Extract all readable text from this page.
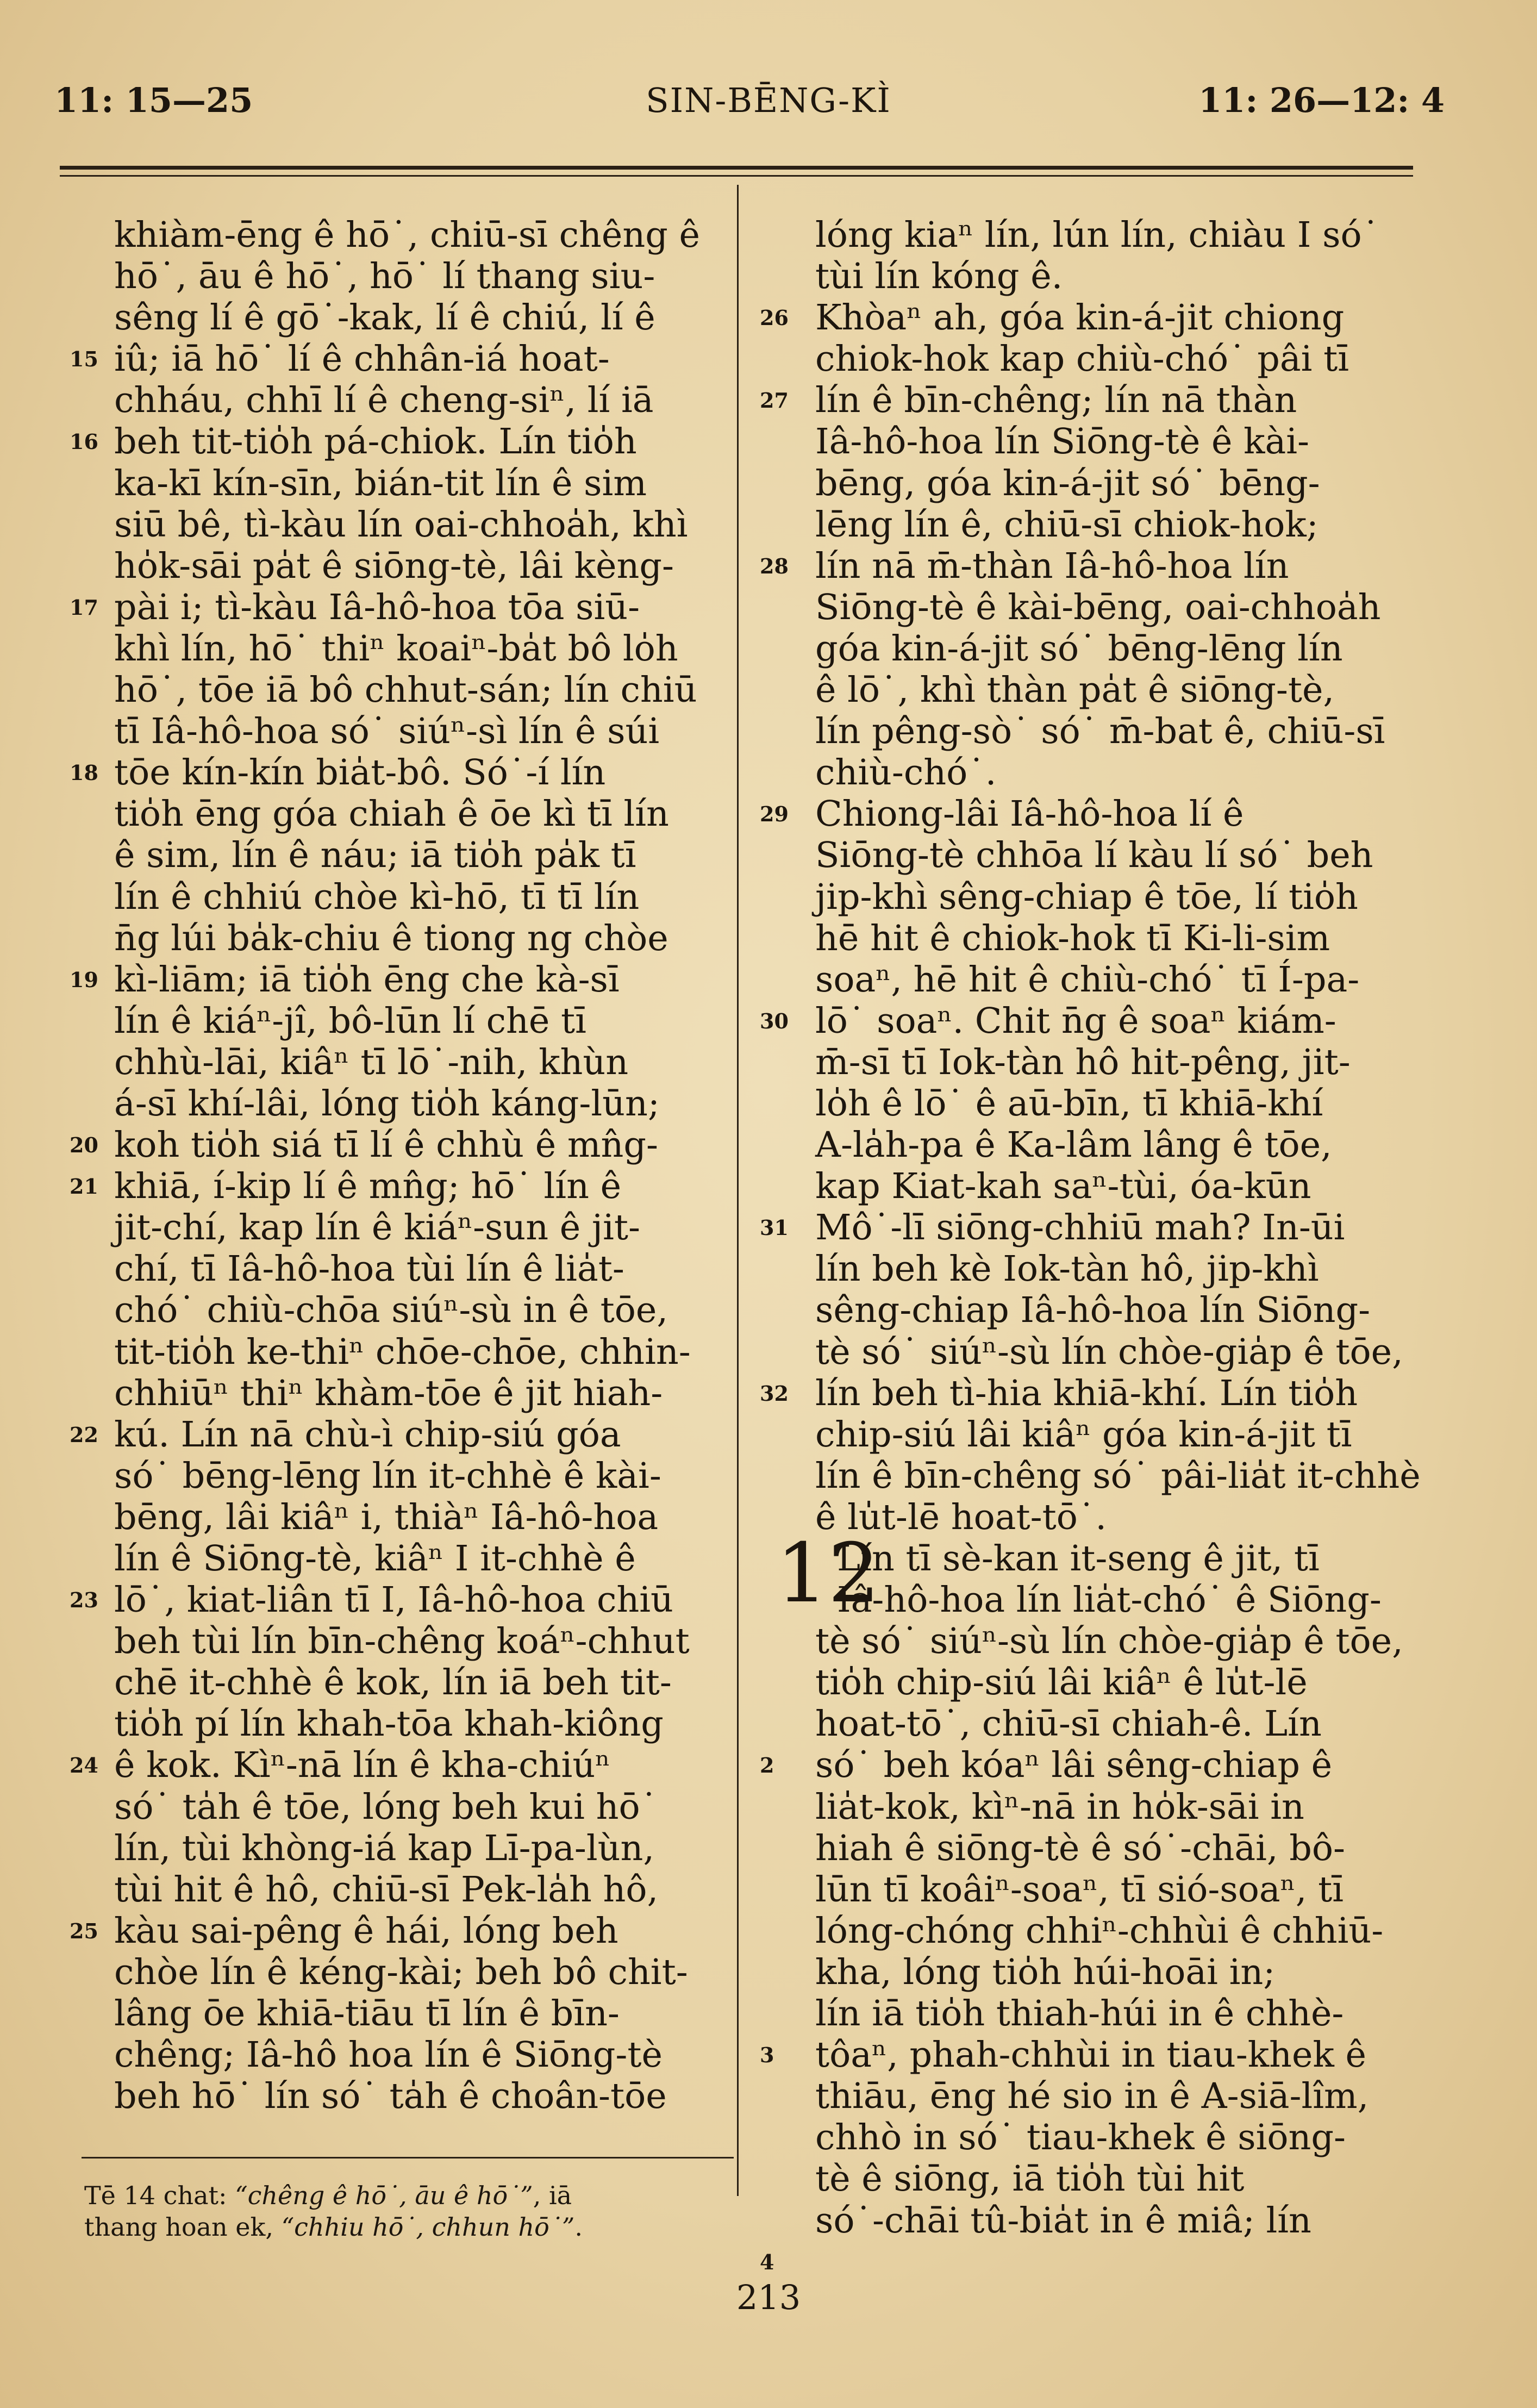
11: 15—25	SIN-BĒNG-KÌ	11: 26—12: 4
15
16
17
18
19
20
21
22
23
24
25
khiàm-ēng ê hō˙, chiū-sī chêng ê
hō˙, āu ê hō˙, hō˙ lí thang siu-
sêng lí ê gō˙-kak, lí ê chiú, lí ê
iû; iā hō˙ lí ê chhân-iá hoat-
chháu, chhī lí ê cheng-siⁿ, lí iā
beh tit-tio̍h pá-chiok. Lín tio̍h
ka-kī kín-sīn, bián-tit lín ê sim
siū bê, tì-kàu lín oai-chhoa̍h, khì
ho̍k-sāi pa̍t ê siōng-tè, lâi kèng-
pài i; tì-kàu Iâ-hô-hoa tōa siū-
khì lín, hō˙ thiⁿ koaiⁿ-ba̍t bô lo̍h
hō˙, tōe iā bô chhut-sán; lín chiū
tī Iâ-hô-hoa só˙ siúⁿ-sì lín ê súi
tōe kín-kín bia̍t-bô. Só˙-í lín
tio̍h ēng góa chiah ê ōe kì tī lín
ê sim, lín ê náu; iā tio̍h pa̍k tī
lín ê chhiú chòe kì-hō, tī tī lín
n̄g lúi ba̍k-chiu ê tiong ng chòe
kì-liām; iā tio̍h ēng che kà-sī
lín ê kiáⁿ-jî, bô-lūn lí chē tī
chhù-lāi, kiâⁿ tī lō˙-nih, khùn
á-sī khí-lâi, lóng tio̍h káng-lūn;
koh tio̍h siá tī lí ê chhù ê mn̂g-
khiā, í-kip lí ê mn̂g; hō˙ lín ê
jit-chí, kap lín ê kiáⁿ-sun ê jit-
chí, tī Iâ-hô-hoa tùi lín ê lia̍t-
chó˙ chiù-chōa siúⁿ-sù in ê tōe,
tit-tio̍h ke-thiⁿ chōe-chōe, chhin-
chhiūⁿ thiⁿ khàm-tōe ê jit hiah-
kú. Lín nā chù-ì chip-siú góa
só˙ bēng-lēng lín it-chhè ê kài-
bēng, lâi kiâⁿ i, thiàⁿ Iâ-hô-hoa
lín ê Siōng-tè, kiâⁿ I it-chhè ê
lō˙, kiat-liân tī I, Iâ-hô-hoa chiū
beh tùi lín bīn-chêng koáⁿ-chhut
chē it-chhè ê kok, lín iā beh tit-
tio̍h pí lín khah-tōa khah-kiông
ê kok. Kìⁿ-nā lín ê kha-chiúⁿ
só˙ ta̍h ê tōe, lóng beh kui hō˙
lín, tùi khòng-iá kap Lī-pa-lùn,
tùi hit ê hô, chiū-sī Pek-la̍h hô,
kàu sai-pêng ê hái, lóng beh
chòe lín ê kéng-kài; beh bô chit-
lâng ōe khiā-tiāu tī lín ê bīn-
chêng; Iâ-hô hoa lín ê Siōng-tè
beh hō˙ lín só˙ ta̍h ê choân-tōe
26
27
28
29
30
31
32
2
3
4
lóng kiaⁿ lín, lún lín, chiàu I só˙
tùi lín kóng ê.
Khòaⁿ ah, góa kin-á-jit chiong
chiok-hok kap chiù-chó˙ pâi tī
lín ê bīn-chêng; lín nā thàn
Iâ-hô-hoa lín Siōng-tè ê kài-
bēng, góa kin-á-jit só˙ bēng-
lēng lín ê, chiū-sī chiok-hok;
lín nā m̄-thàn Iâ-hô-hoa lín
Siōng-tè ê kài-bēng, oai-chhoa̍h
góa kin-á-jit só˙ bēng-lēng lín
ê lō˙, khì thàn pa̍t ê siōng-tè,
lín pêng-sò˙ só˙ m̄-bat ê, chiū-sī
chiù-chó˙.
Chiong-lâi Iâ-hô-hoa lí ê
Siōng-tè chhōa lí kàu lí só˙ beh
jip-khì sêng-chiap ê tōe, lí tio̍h
hē hit ê chiok-hok tī Ki-li-sim
soaⁿ, hē hit ê chiù-chó˙ tī Í-pa-
lō˙ soaⁿ. Chit n̄g ê soaⁿ kiám-
m̄-sī tī Iok-tàn hô hit-pêng, jit-
lo̍h ê lō˙ ê aū-bīn, tī khiā-khí
A-la̍h-pa ê Ka-lâm lâng ê tōe,
kap Kiat-kah saⁿ-tùi, óa-kūn
Mô˙-lī siōng-chhiū mah? In-ūi
lín beh kè Iok-tàn hô, jip-khì
sêng-chiap Iâ-hô-hoa lín Siōng-
tè só˙ siúⁿ-sù lín chòe-gia̍p ê tōe,
lín beh tì-hia khiā-khí. Lín tio̍h
chip-siú lâi kiâⁿ góa kin-á-jit tī
lín ê bīn-chêng só˙ pâi-lia̍t it-chhè
ê lu̍t-lē hoat-tō˙.
Lín tī sè-kan it-seng ê jit, tī
Iâ-hô-hoa lín lia̍t-chó˙ ê Siōng-
tè só˙ siúⁿ-sù lín chòe-gia̍p ê tōe,
tio̍h chip-siú lâi kiâⁿ ê lu̍t-lē
hoat-tō˙, chiū-sī chiah-ê. Lín
só˙ beh kóaⁿ lâi sêng-chiap ê
lia̍t-kok, kìⁿ-nā in ho̍k-sāi in
hiah ê siōng-tè ê só˙-chāi, bô-
lūn tī koâiⁿ-soaⁿ, tī sió-soaⁿ, tī
lóng-chóng chhiⁿ-chhùi ê chhiū-
kha, lóng tio̍h húi-hoāi in;
lín iā tio̍h thiah-húi in ê chhè-
tôaⁿ, phah-chhùi in tiau-khek ê
thiāu, ēng hé sio in ê A-siā-lîm,
chhò in só˙ tiau-khek ê siōng-
tè ê siōng, iā tio̍h tùi hit
só˙-chāi tû-bia̍t in ê miâ; lín
12
Tē 14 chat: “chêng ê hō˙, āu ê hō˙”, iā
thang hoan ek, “chhiu hō˙, chhun hō˙”.
213
